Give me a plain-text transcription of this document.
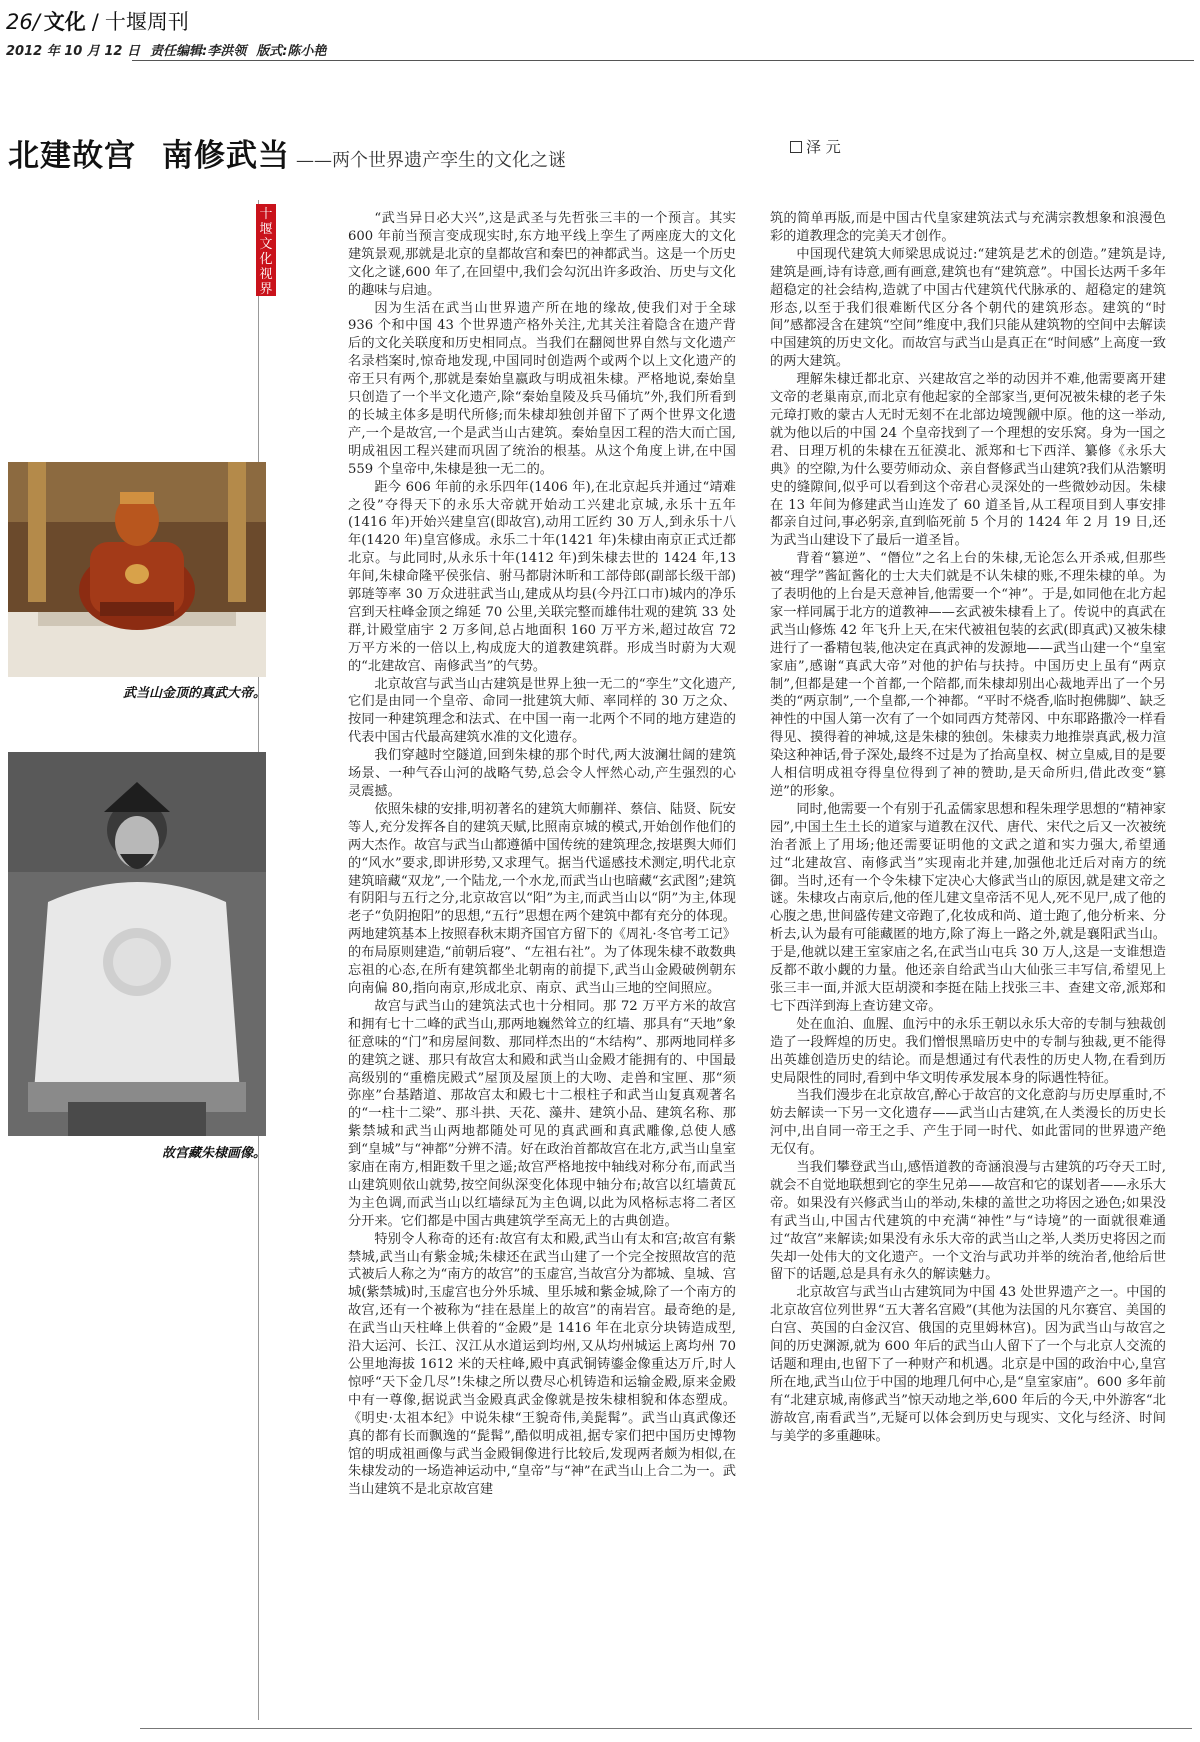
26/ 文化 / 十堰周刊
2012 年 10 月 12 日 责任编辑:李洪领 版式:陈小艳
北建故宫 南修武当 ——两个世界遗产孪生的文化之谜
泽 元
十堰文化视界
武当山金顶的真武大帝。
故宫藏朱棣画像。

“武当异日必大兴”,这是武圣与先哲张三丰的一个预言。其实 600 年前当预言变成现实时,东方地平线上孪生了两座庞大的文化建筑景观,那就是北京的皇都故宫和秦巴的神都武当。这是一个历史文化之谜,600 年了,在回望中,我们会勾沉出许多政治、历史与文化的趣味与启迪。

因为生活在武当山世界遗产所在地的缘故,使我们对于全球 936 个和中国 43 个世界遗产格外关注,尤其关注着隐含在遗产背后的文化关联度和历史相同点。当我们在翻阅世界自然与文化遗产名录档案时,惊奇地发现,中国同时创造两个或两个以上文化遗产的帝王只有两个,那就是秦始皇嬴政与明成祖朱棣。严格地说,秦始皇只创造了一个半文化遗产,除“秦始皇陵及兵马俑坑”外,我们所看到的长城主体多是明代所修;而朱棣却独创并留下了两个世界文化遗产,一个是故宫,一个是武当山古建筑。秦始皇因工程的浩大而亡国,明成祖因工程兴建而巩固了统治的根基。从这个角度上讲,在中国 559 个皇帝中,朱棣是独一无二的。

距今 606 年前的永乐四年(1406 年),在北京起兵并通过“靖难之役”夺得天下的永乐大帝就开始动工兴建北京城,永乐十五年(1416 年)开始兴建皇宫(即故宫),动用工匠约 30 万人,到永乐十八年(1420 年)皇宫修成。永乐二十年(1421 年)朱棣由南京正式迁都北京。与此同时,从永乐十年(1412 年)到朱棣去世的 1424 年,13 年间,朱棣命隆平侯张信、驸马都尉沐昕和工部侍郎(副部长级干部)郭琏等率 30 万众进驻武当山,建成从均县(今丹江口市)城内的净乐宫到天柱峰金顶之绵延 70 公里,关联完整而雄伟壮观的建筑 33 处群,计殿堂庙宇 2 万多间,总占地面积 160 万平方米,超过故宫 72 万平方米的一倍以上,构成庞大的道教建筑群。形成当时蔚为大观的“北建故宫、南修武当”的气势。

北京故宫与武当山古建筑是世界上独一无二的“孪生”文化遗产,它们是由同一个皇帝、命同一批建筑大师、率同样的 30 万之众、按同一种建筑理念和法式、在中国一南一北两个不同的地方建造的代表中国古代最高建筑水准的文化遗存。

我们穿越时空隧道,回到朱棣的那个时代,两大波澜壮阔的建筑场景、一种气吞山河的战略气势,总会令人怦然心动,产生强烈的心灵震撼。

依照朱棣的安排,明初著名的建筑大师蒯祥、蔡信、陆贤、阮安等人,充分发挥各自的建筑天赋,比照南京城的模式,开始创作他们的两大杰作。故宫与武当山都遵循中国传统的建筑理念,按堪舆大师们的“风水”要求,即讲形势,又求理气。据当代遥感技术测定,明代北京建筑暗藏“双龙”,一个陆龙,一个水龙,而武当山也暗藏“玄武图”;建筑有阴阳与五行之分,北京故宫以“阳”为主,而武当山以“阴”为主,体现老子“负阴抱阳”的思想,“五行”思想在两个建筑中都有充分的体现。两地建筑基本上按照春秋末期齐国官方留下的《周礼·冬官考工记》的布局原则建造,“前朝后寝”、“左祖右社”。为了体现朱棣不敢数典忘祖的心态,在所有建筑都坐北朝南的前提下,武当山金殿破例朝东向南偏 80,指向南京,形成北京、南京、武当山三地的空间照应。

故宫与武当山的建筑法式也十分相同。那 72 万平方米的故宫和拥有七十二峰的武当山,那两地巍然耸立的红墙、那具有“天地”象征意味的“门”和房屋间数、那同样杰出的“木结构”、那两地同样多的建筑之谜、那只有故宫太和殿和武当山金殿才能拥有的、中国最高级别的“重檐庑殿式”屋顶及屋顶上的大吻、走兽和宝匣、那“须弥座”台基踏道、那故宫太和殿七十二根柱子和武当山复真观著名的“一柱十二梁”、那斗拱、天花、藻井、建筑小品、建筑名称、那紫禁城和武当山两地都随处可见的真武画和真武雕像,总使人感到“皇城”与“神都”分辨不清。好在政治首都故宫在北方,武当山皇室家庙在南方,相距数千里之遥;故宫严格地按中轴线对称分布,而武当山建筑则依山就势,按空间纵深变化体现中轴分布;故宫以红墙黄瓦为主色调,而武当山以红墙绿瓦为主色调,以此为风格标志将二者区分开来。它们都是中国古典建筑学至高无上的古典创造。

特别令人称奇的还有:故宫有太和殿,武当山有太和宫;故宫有紫禁城,武当山有紫金城;朱棣还在武当山建了一个完全按照故宫的范式被后人称之为“南方的故宫”的玉虚宫,当故宫分为都城、皇城、宫城(紫禁城)时,玉虚宫也分外乐城、里乐城和紫金城,除了一个南方的故宫,还有一个被称为“挂在悬崖上的故宫”的南岩宫。最奇绝的是,在武当山天柱峰上供着的“金殿”是 1416 年在北京分块铸造成型,沿大运河、长江、汉江从水道运到均州,又从均州城运上离均州 70 公里地海拔 1612 米的天柱峰,殿中真武铜铸鎏金像重达万斤,时人惊呼“天下金几尽”!朱棣之所以费尽心机铸造和运输金殿,原来金殿中有一尊像,据说武当金殿真武金像就是按朱棣相貌和体态塑成。《明史·太祖本纪》中说朱棣“王貌奇伟,美髭髯”。武当山真武像还真的都有长而飘逸的“髭髯”,酷似明成祖,据专家们把中国历史博物馆的明成祖画像与武当金殿铜像进行比较后,发现两者颇为相似,在朱棣发动的一场造神运动中,“皇帝”与“神”在武当山上合二为一。武当山建筑不是北京故宫建

筑的简单再版,而是中国古代皇家建筑法式与充满宗教想象和浪漫色彩的道教理念的完美天才创作。

中国现代建筑大师梁思成说过:“建筑是艺术的创造。”建筑是诗,建筑是画,诗有诗意,画有画意,建筑也有“建筑意”。中国长达两千多年超稳定的社会结构,造就了中国古代建筑代代脉承的、超稳定的建筑形态,以至于我们很难断代区分各个朝代的建筑形态。建筑的“时间”感都浸含在建筑“空间”维度中,我们只能从建筑物的空间中去解读中国建筑的历史文化。而故宫与武当山是真正在“时间感”上高度一致的两大建筑。

理解朱棣迁都北京、兴建故宫之举的动因并不难,他需要离开建文帝的老巢南京,而北京有他起家的全部家当,更何况被朱棣的老子朱元璋打败的蒙古人无时无刻不在北部边境觊觎中原。他的这一举动,就为他以后的中国 24 个皇帝找到了一个理想的安乐窝。身为一国之君、日理万机的朱棣在五征漠北、派郑和七下西洋、纂修《永乐大典》的空隙,为什么要劳师动众、亲自督修武当山建筑?我们从浩繁明史的缝隙间,似乎可以看到这个帝君心灵深处的一些微妙动因。朱棣在 13 年间为修建武当山连发了 60 道圣旨,从工程项目到人事安排都亲自过问,事必躬亲,直到临死前 5 个月的 1424 年 2 月 19 日,还为武当山建设下了最后一道圣旨。

背着“篡逆”、“僭位”之名上台的朱棣,无论怎么开杀戒,但那些被“理学”酱缸酱化的士大夫们就是不认朱棣的账,不理朱棣的单。为了表明他的上台是天意神旨,他需要一个“神”。于是,如同他在北方起家一样同属于北方的道教神——玄武被朱棣看上了。传说中的真武在武当山修炼 42 年飞升上天,在宋代被祖包装的玄武(即真武)又被朱棣进行了一番精包装,他决定在真武神的发源地——武当山建一个“皇室家庙”,感谢“真武大帝”对他的护佑与扶持。中国历史上虽有“两京制”,但都是建一个首都,一个陪都,而朱棣却别出心裁地弄出了一个另类的“两京制”,一个皇都,一个神都。“平时不烧香,临时抱佛脚”、缺乏神性的中国人第一次有了一个如同西方梵蒂冈、中东耶路撒冷一样看得见、摸得着的神城,这是朱棣的独创。朱棣卖力地推崇真武,极力渲染这种神话,骨子深处,最终不过是为了抬高皇权、树立皇威,目的是要人相信明成祖夺得皇位得到了神的赞助,是天命所归,借此改变“篡逆”的形象。

同时,他需要一个有别于孔孟儒家思想和程朱理学思想的“精神家园”,中国土生土长的道家与道教在汉代、唐代、宋代之后又一次被统治者派上了用场;他还需要证明他的文武之道和实力强大,希望通过“北建故宫、南修武当”实现南北并建,加强他北迁后对南方的统御。当时,还有一个令朱棣下定决心大修武当山的原因,就是建文帝之谜。朱棣攻占南京后,他的侄儿建文皇帝活不见人,死不见尸,成了他的心腹之患,世间盛传建文帝跑了,化妆成和尚、道士跑了,他分析来、分析去,认为最有可能藏匿的地方,除了海上一路之外,就是襄阳武当山。于是,他就以建王室家庙之名,在武当山屯兵 30 万人,这是一支谁想造反都不敢小觑的力量。他还亲自给武当山大仙张三丰写信,希望见上张三丰一面,并派大臣胡濙和李挺在陆上找张三丰、查建文帝,派郑和七下西洋到海上查访建文帝。

处在血泊、血腥、血污中的永乐王朝以永乐大帝的专制与独裁创造了一段辉煌的历史。我们憎恨黑暗历史中的专制与独裁,更不能得出英雄创造历史的结论。而是想通过有代表性的历史人物,在看到历史局限性的同时,看到中华文明传承发展本身的际遇性特征。

当我们漫步在北京故宫,醉心于故宫的文化意韵与历史厚重时,不妨去解读一下另一文化遗存——武当山古建筑,在人类漫长的历史长河中,出自同一帝王之手、产生于同一时代、如此雷同的世界遗产绝无仅有。

当我们攀登武当山,感悟道教的奇涵浪漫与古建筑的巧夺天工时,就会不自觉地联想到它的孪生兄弟——故宫和它的谋划者——永乐大帝。如果没有兴修武当山的举动,朱棣的盖世之功将因之逊色;如果没有武当山,中国古代建筑的中充满“神性”与“诗境”的一面就很难通过“故宫”来解读;如果没有永乐大帝的武当山之举,人类历史将因之而失却一处伟大的文化遗产。一个文治与武功并举的统治者,他给后世留下的话题,总是具有永久的解读魅力。

北京故宫与武当山古建筑同为中国 43 处世界遗产之一。中国的北京故宫位列世界“五大著名宫殿”(其他为法国的凡尔赛宫、美国的白宫、英国的白金汉宫、俄国的克里姆林宫)。因为武当山与故宫之间的历史渊源,就为 600 年后的武当山人留下了一个与北京人交流的话题和理由,也留下了一种财产和机遇。北京是中国的政治中心,皇宫所在地,武当山位于中国的地理几何中心,是“皇室家庙”。600 多年前有“北建京城,南修武当”惊天动地之举,600 年后的今天,中外游客“北游故宫,南看武当”,无疑可以体会到历史与现实、文化与经济、时间与美学的多重趣味。
